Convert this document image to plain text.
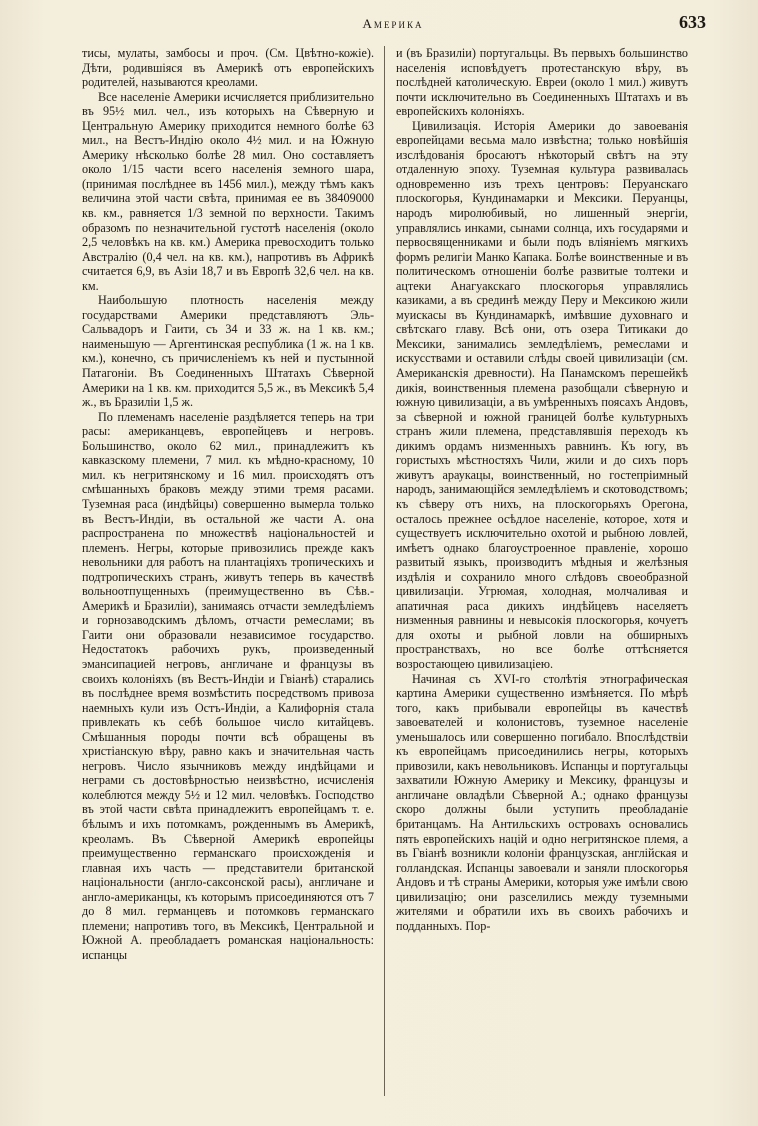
Америка	633

тисы, мулаты, замбосы и проч. (См. Цвѣтно-кожіе). Дѣти, родившіяся въ Америкѣ отъ европейскихъ родителей, называются креолами.

Все населеніе Америки исчисляется приблизительно въ 95½ мил. чел., изъ которыхъ на Сѣверную и Центральную Америку приходится немного болѣе 63 мил., на Вестъ-Индію около 4½ мил. и на Южную Америку нѣсколько болѣе 28 мил. Оно составляетъ около 1/15 части всего населенія земного шара, (принимая послѣднее въ 1456 мил.), между тѣмъ какъ величина этой части свѣта, принимая ее въ 38409000 кв. км., равняется 1/3 земной по верхности. Такимъ образомъ по незначительной густотѣ населенія (около 2,5 человѣкъ на кв. км.) Америка превосходитъ только Австралію (0,4 чел. на кв. км.), напротивъ въ Африкѣ считается 6,9, въ Азіи 18,7 и въ Европѣ 32,6 чел. на кв. км.

Наибольшую плотность населенія между государствами Америки представляютъ Эль-Сальвадоръ и Гаити, съ 34 и 33 ж. на 1 кв. км.; наименьшую — Аргентинская республика (1 ж. на 1 кв. км.), конечно, съ причисленіемъ къ ней и пустынной Патагоніи. Въ Соединенныхъ Штатахъ Сѣверной Америки на 1 кв. км. приходится 5,5 ж., въ Мексикѣ 5,4 ж., въ Бразиліи 1,5 ж.

По племенамъ населеніе раздѣляется теперь на три расы: американцевъ, европейцевъ и негровъ. Большинство, около 62 мил., принадлежитъ къ кавказскому племени, 7 мил. къ мѣдно-красному, 10 мил. къ негритянскому и 16 мил. происходятъ отъ смѣшанныхъ браковъ между этими тремя расами. Туземная раса (индѣйцы) совершенно вымерла только въ Вестъ-Индіи, въ остальной же части А. она распространена по множествѣ національностей и племенъ. Негры, которые привозились прежде какъ невольники для работъ на плантаціяхъ тропическихъ и подтропическихъ странъ, живутъ теперь въ качествѣ вольноотпущенныхъ (преимущественно въ Сѣв.-Америкѣ и Бразиліи), занимаясь отчасти земледѣліемъ и горнозаводскимъ дѣломъ, отчасти ремеслами; въ Гаити они образовали независимое государство. Недостатокъ рабочихъ рукъ, произведенный эмансипацией негровъ, англичане и французы въ своихъ колоніяхъ (въ Вестъ-Индіи и Гвіанѣ) старались въ послѣднее время возмѣстить посредствомъ привоза наемныхъ кули изъ Остъ-Индіи, а Калифорнія стала привлекать къ себѣ большое число китайцевъ. Смѣшанныя породы почти всѣ обращены въ христіанскую вѣру, равно какъ и значительная часть негровъ. Число язычниковъ между индѣйцами и неграми съ достовѣрностью неизвѣстно, исчисленія колеблются между 5½ и 12 мил. человѣкъ. Господство въ этой части свѣта принадлежитъ европейцамъ т. е. бѣлымъ и ихъ потомкамъ, рожденнымъ въ Америкѣ, креоламъ. Въ Сѣверной Америкѣ европейцы преимущественно германскаго происхожденія и главная ихъ часть — представители британской національности (англо-саксонской расы), англичане и англо-американцы, къ которымъ присоединяются отъ 7 до 8 мил. германцевъ и потомковъ германскаго племени; напротивъ того, въ Мексикѣ, Центральной и Южной А. преобладаетъ романская національность: испанцы

и (въ Бразиліи) португальцы. Въ первыхъ большинство населенія исповѣдуетъ протестанскую вѣру, въ послѣдней католическую. Евреи (около 1 мил.) живутъ почти исключительно въ Соединенныхъ Штатахъ и въ европейскихъ колоніяхъ.

Цивилизація. Исторія Америки до завоеванія европейцами весьма мало извѣстна; только новѣйшія изслѣдованія бросаютъ нѣкоторый свѣтъ на эту отдаленную эпоху. Туземная культура развивалась одновременно изъ трехъ центровъ: Перуанскаго плоскогорья, Кундинамарки и Мексики. Перуанцы, народъ миролюбивый, но лишенный энергіи, управлялись инками, сынами солнца, ихъ государями и первосвященниками и были подъ вліяніемъ мягкихъ формъ религіи Манко Капака. Болѣе воинственные и въ политическомъ отношеніи болѣе развитые толтеки и ацтеки Анагуакскаго плоскогорья управлялись казиками, а въ срединѣ между Перу и Мексикою жили муискасы въ Кундинамаркѣ, имѣвшие духовнаго и свѣтскаго главу. Всѣ они, отъ озера Титикаки до Мексики, занимались земледѣліемъ, ремеслами и искусствами и оставили слѣды своей цивилизаціи (см. Американскія древности). На Панамскомъ перешейкѣ дикія, воинственныя племена разобщали сѣверную и южную цивилизаціи, а въ умѣренныхъ поясахъ Андовъ, за сѣверной и южной границей болѣе культурныхъ странъ жили племена, представлявшія переходъ къ дикимъ ордамъ низменныхъ равнинъ. Къ югу, въ гористыхъ мѣстностяхъ Чили, жили и до сихъ поръ живутъ араукацы, воинственный, но гостепріимный народъ, занимающійся земледѣліемъ и скотоводствомъ; къ сѣверу отъ нихъ, на плоскогорьяхъ Орегона, осталось прежнее осѣдлое населеніе, которое, хотя и существуетъ исключительно охотой и рыбною ловлей, имѣетъ однако благоустроенное правленіе, хорошо развитый языкъ, производитъ мѣдныя и желѣзныя издѣлія и сохранило много слѣдовъ своеобразной цивилизаціи. Угрюмая, холодная, молчаливая и апатичная раса дикихъ индѣйцевъ населяетъ низменныя равнины и невысокія плоскогорья, кочуетъ для охоты и рыбной ловли на обширныхъ пространствахъ, но все болѣе оттѣсняется возростающею цивилизаціею.

Начиная съ XVI-го столѣтія этнографическая картина Америки существенно измѣняется. По мѣрѣ того, какъ прибывали европейцы въ качествѣ завоевателей и колонистовъ, туземное населеніе уменьшалось или совершенно погибало. Впослѣдствіи къ европейцамъ присоединились негры, которыхъ привозили, какъ невольниковъ. Испанцы и португальцы захватили Южную Америку и Мексику, французы и англичане овладѣли Сѣверной А.; однако французы скоро должны были уступить преобладаніе британцамъ. На Антильскихъ островахъ основались пять европейскихъ націй и одно негритянское племя, а въ Гвіанѣ возникли колоніи французская, англійская и голландская. Испанцы завоевали и заняли плоскогорья Андовъ и тѣ страны Америки, которыя уже имѣли свою цивилизацію; они разселились между туземными жителями и обратили ихъ въ своихъ рабочихъ и подданныхъ. Пор-
